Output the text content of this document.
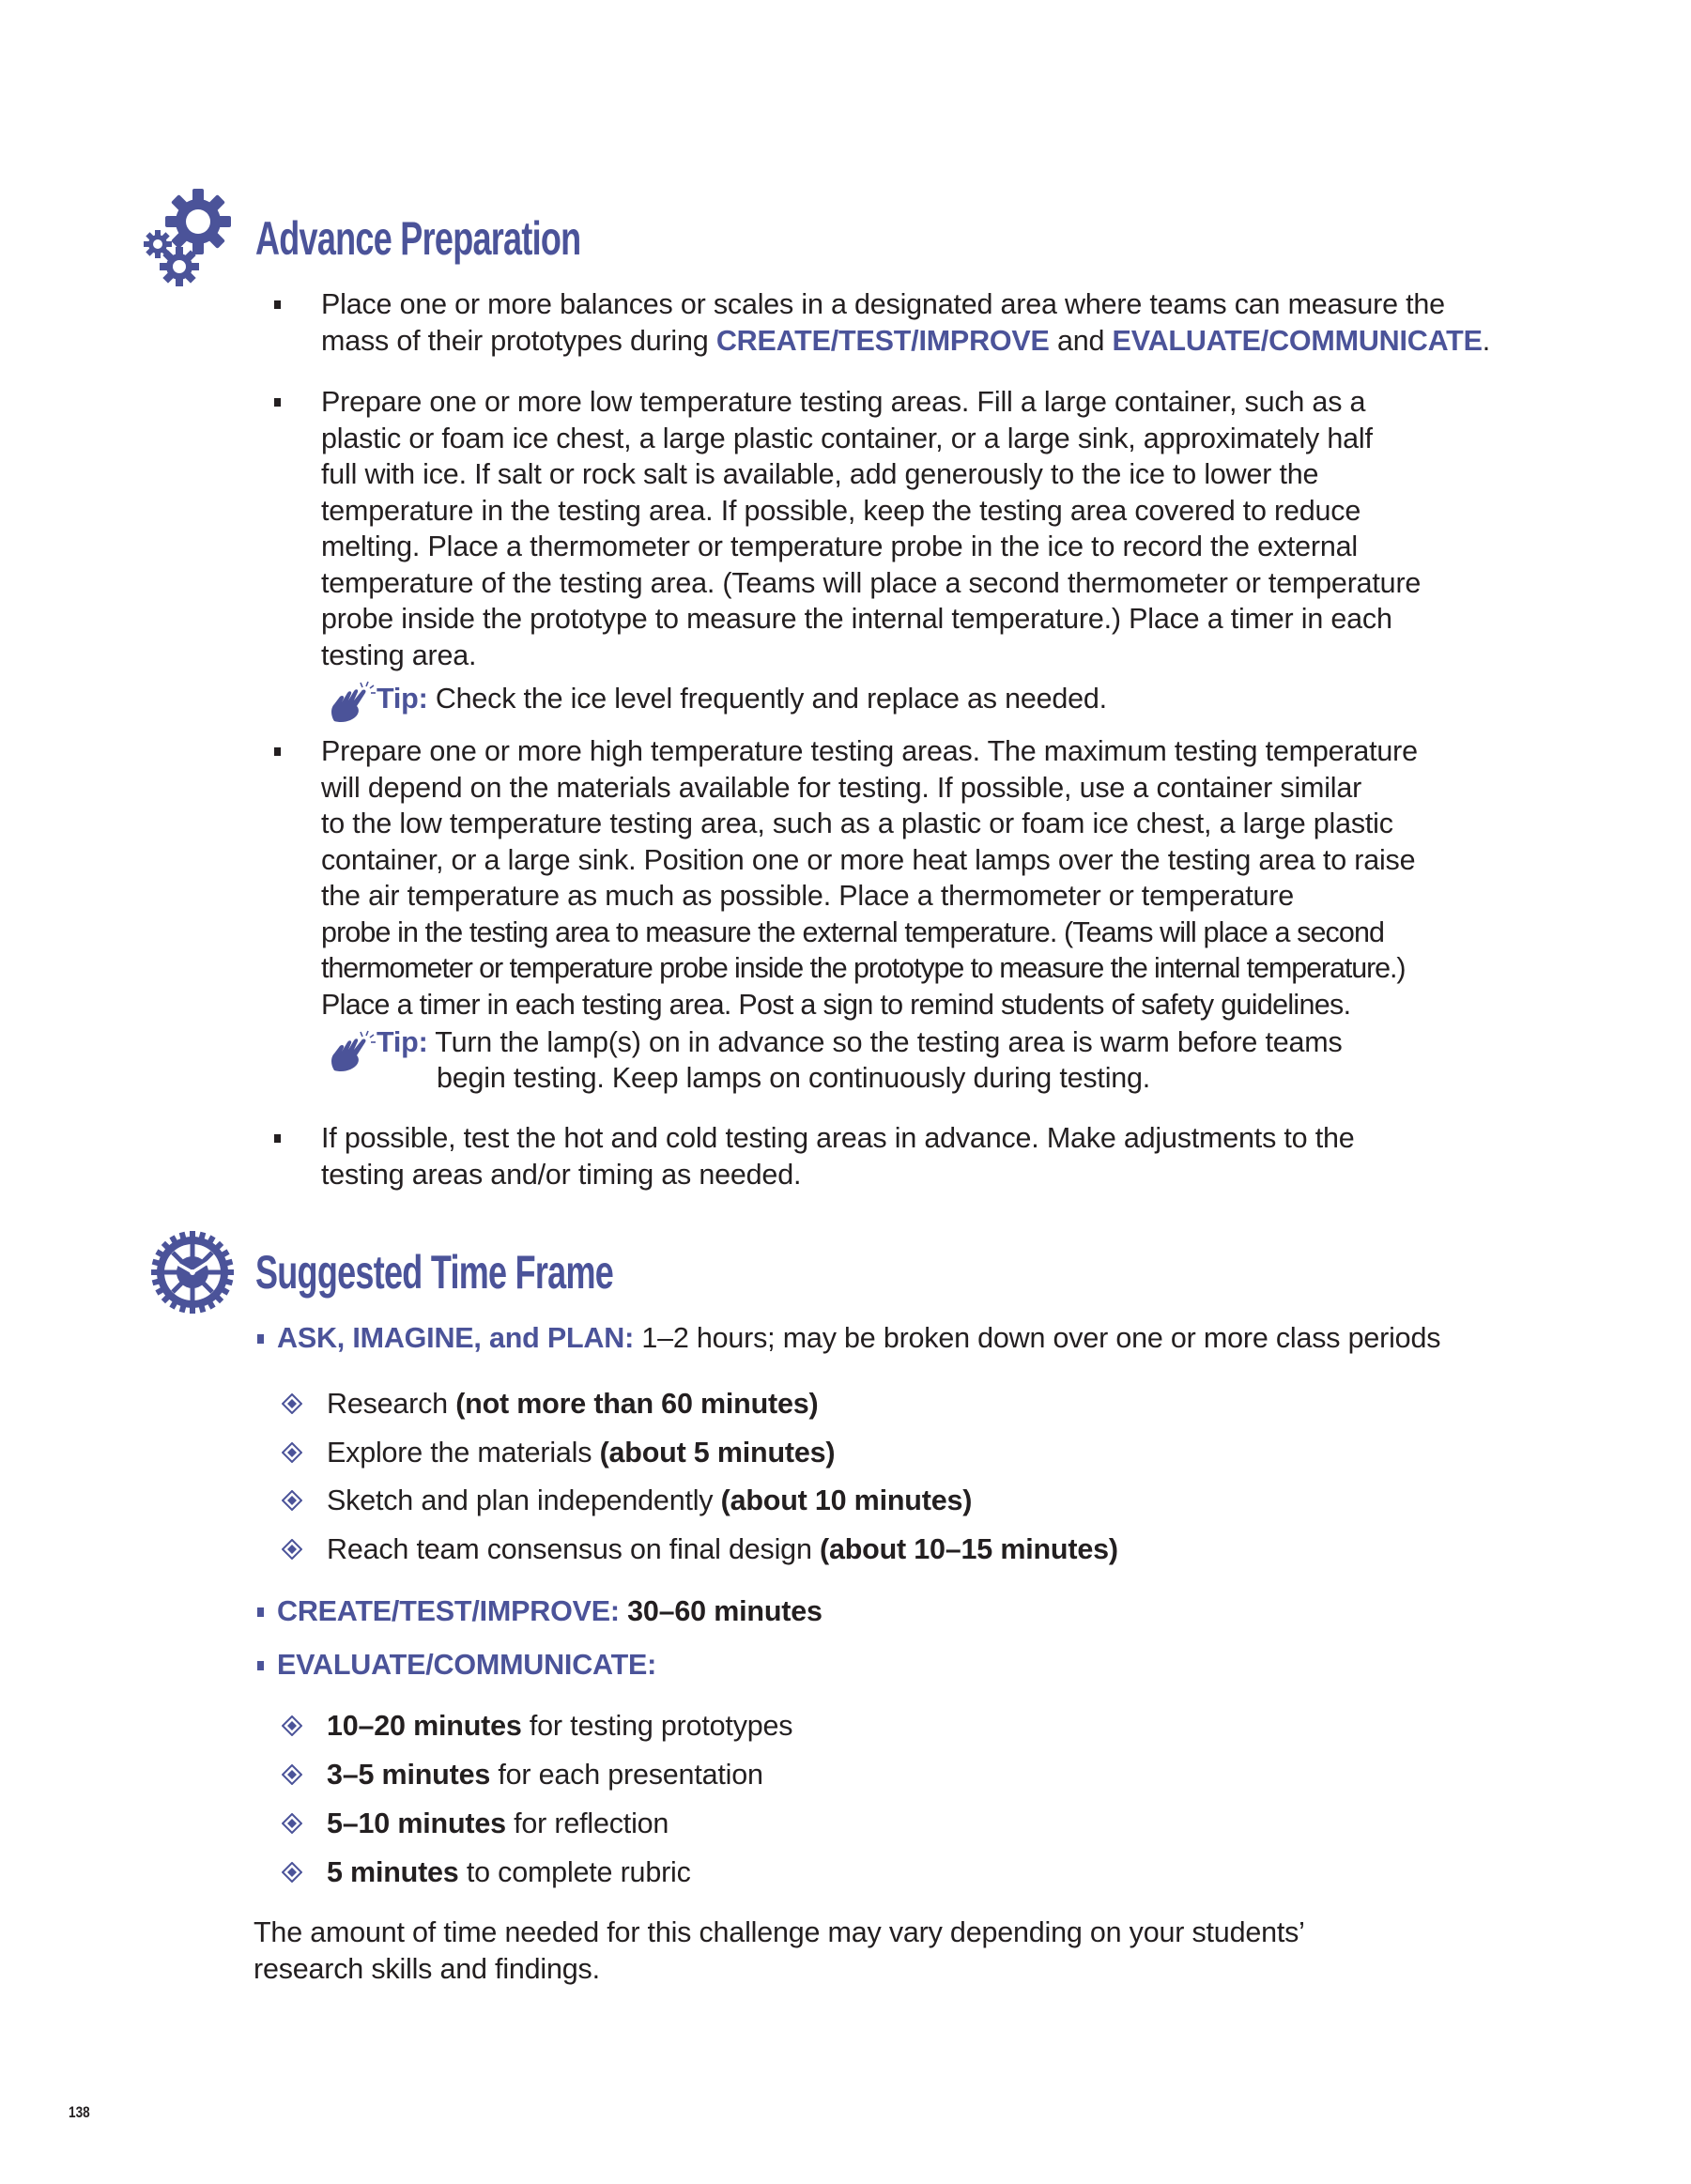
Advance Preparation
Place one or more balances or scales in a designated area where teams can measure the
mass of their prototypes during CREATE/TEST/IMPROVE and EVALUATE/COMMUNICATE.
Prepare one or more low temperature testing areas. Fill a large container, such as a
plastic or foam ice chest, a large plastic container, or a large sink, approximately half
full with ice. If salt or rock salt is available, add generously to the ice to lower the
temperature in the testing area. If possible, keep the testing area covered to reduce
melting. Place a thermometer or temperature probe in the ice to record the external
temperature of the testing area. (Teams will place a second thermometer or temperature
probe inside the prototype to measure the internal temperature.) Place a timer in each
testing area.
Tip: Check the ice level frequently and replace as needed.
Prepare one or more high temperature testing areas. The maximum testing temperature
will depend on the materials available for testing. If possible, use a container similar
to the low temperature testing area, such as a plastic or foam ice chest, a large plastic
container, or a large sink. Position one or more heat lamps over the testing area to raise
the air temperature as much as possible. Place a thermometer or temperature
probe in the testing area to measure the external temperature. (Teams will place a second
thermometer or temperature probe inside the prototype to measure the internal temperature.)
Place a timer in each testing area. Post a sign to remind students of safety guidelines.
Tip: Turn the lamp(s) on in advance so the testing area is warm before teams
begin testing. Keep lamps on continuously during testing.
If possible, test the hot and cold testing areas in advance. Make adjustments to the
testing areas and/or timing as needed.
Suggested Time Frame
ASK, IMAGINE, and PLAN: 1–2 hours; may be broken down over one or more class periods
CREATE/TEST/IMPROVE: 30–60 minutes
EVALUATE/COMMUNICATE:
Research (not more than 60 minutes)
Explore the materials (about 5 minutes)
Sketch and plan independently (about 10 minutes)
Reach team consensus on final design (about 10–15 minutes)
10–20 minutes for testing prototypes
3–5 minutes for each presentation
5–10 minutes for reflection
5 minutes to complete rubric
The amount of time needed for this challenge may vary depending on your students’
research skills and findings.
138
